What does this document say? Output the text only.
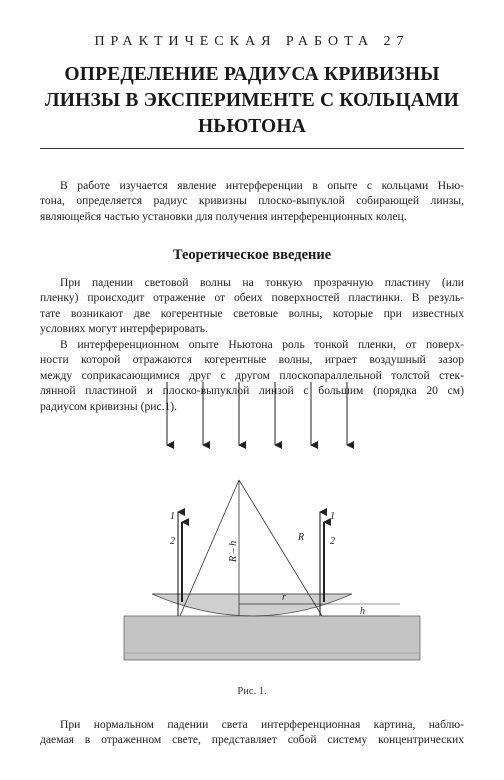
ПРАКТИЧЕСКАЯ РАБОТА 27
ОПРЕДЕЛЕНИЕ РАДИУСА КРИВИЗНЫ
ЛИНЗЫ В ЭКСПЕРИМЕНТЕ С КОЛЬЦАМИ
НЬЮТОНА
В работе изучается явление интерференции в опыте с кольцами Нью-
тона, определяется радиус кривизны плоско-выпуклой собирающей линзы,
являющейся частью установки для получения интерференционных колец.
Теоретическое введение
При падении световой волны на тонкую прозрачную пластину (или
пленку) происходит отражение от обеих поверхностей пластинки. В резуль-
тате возникают две когерентные световые волны, которые при известных
условиях могут интерферировать.
В интерференционном опыте Ньютона роль тонкой пленки, от поверх-
ности которой отражаются когерентные волны, играет воздушный зазор
между соприкасающимися друг с другом плоскопараллельной толстой стек-
лянной пластиной и плоско-выпуклой линзой с большим (порядка 20 см)
радиусом кривизны (рис.1).
1
2
1
2
R – h
R
r
h
Рис. 1.
При нормальном падении света интерференционная картина, наблю-
даемая в отраженном свете, представляет собой систему концентрических
